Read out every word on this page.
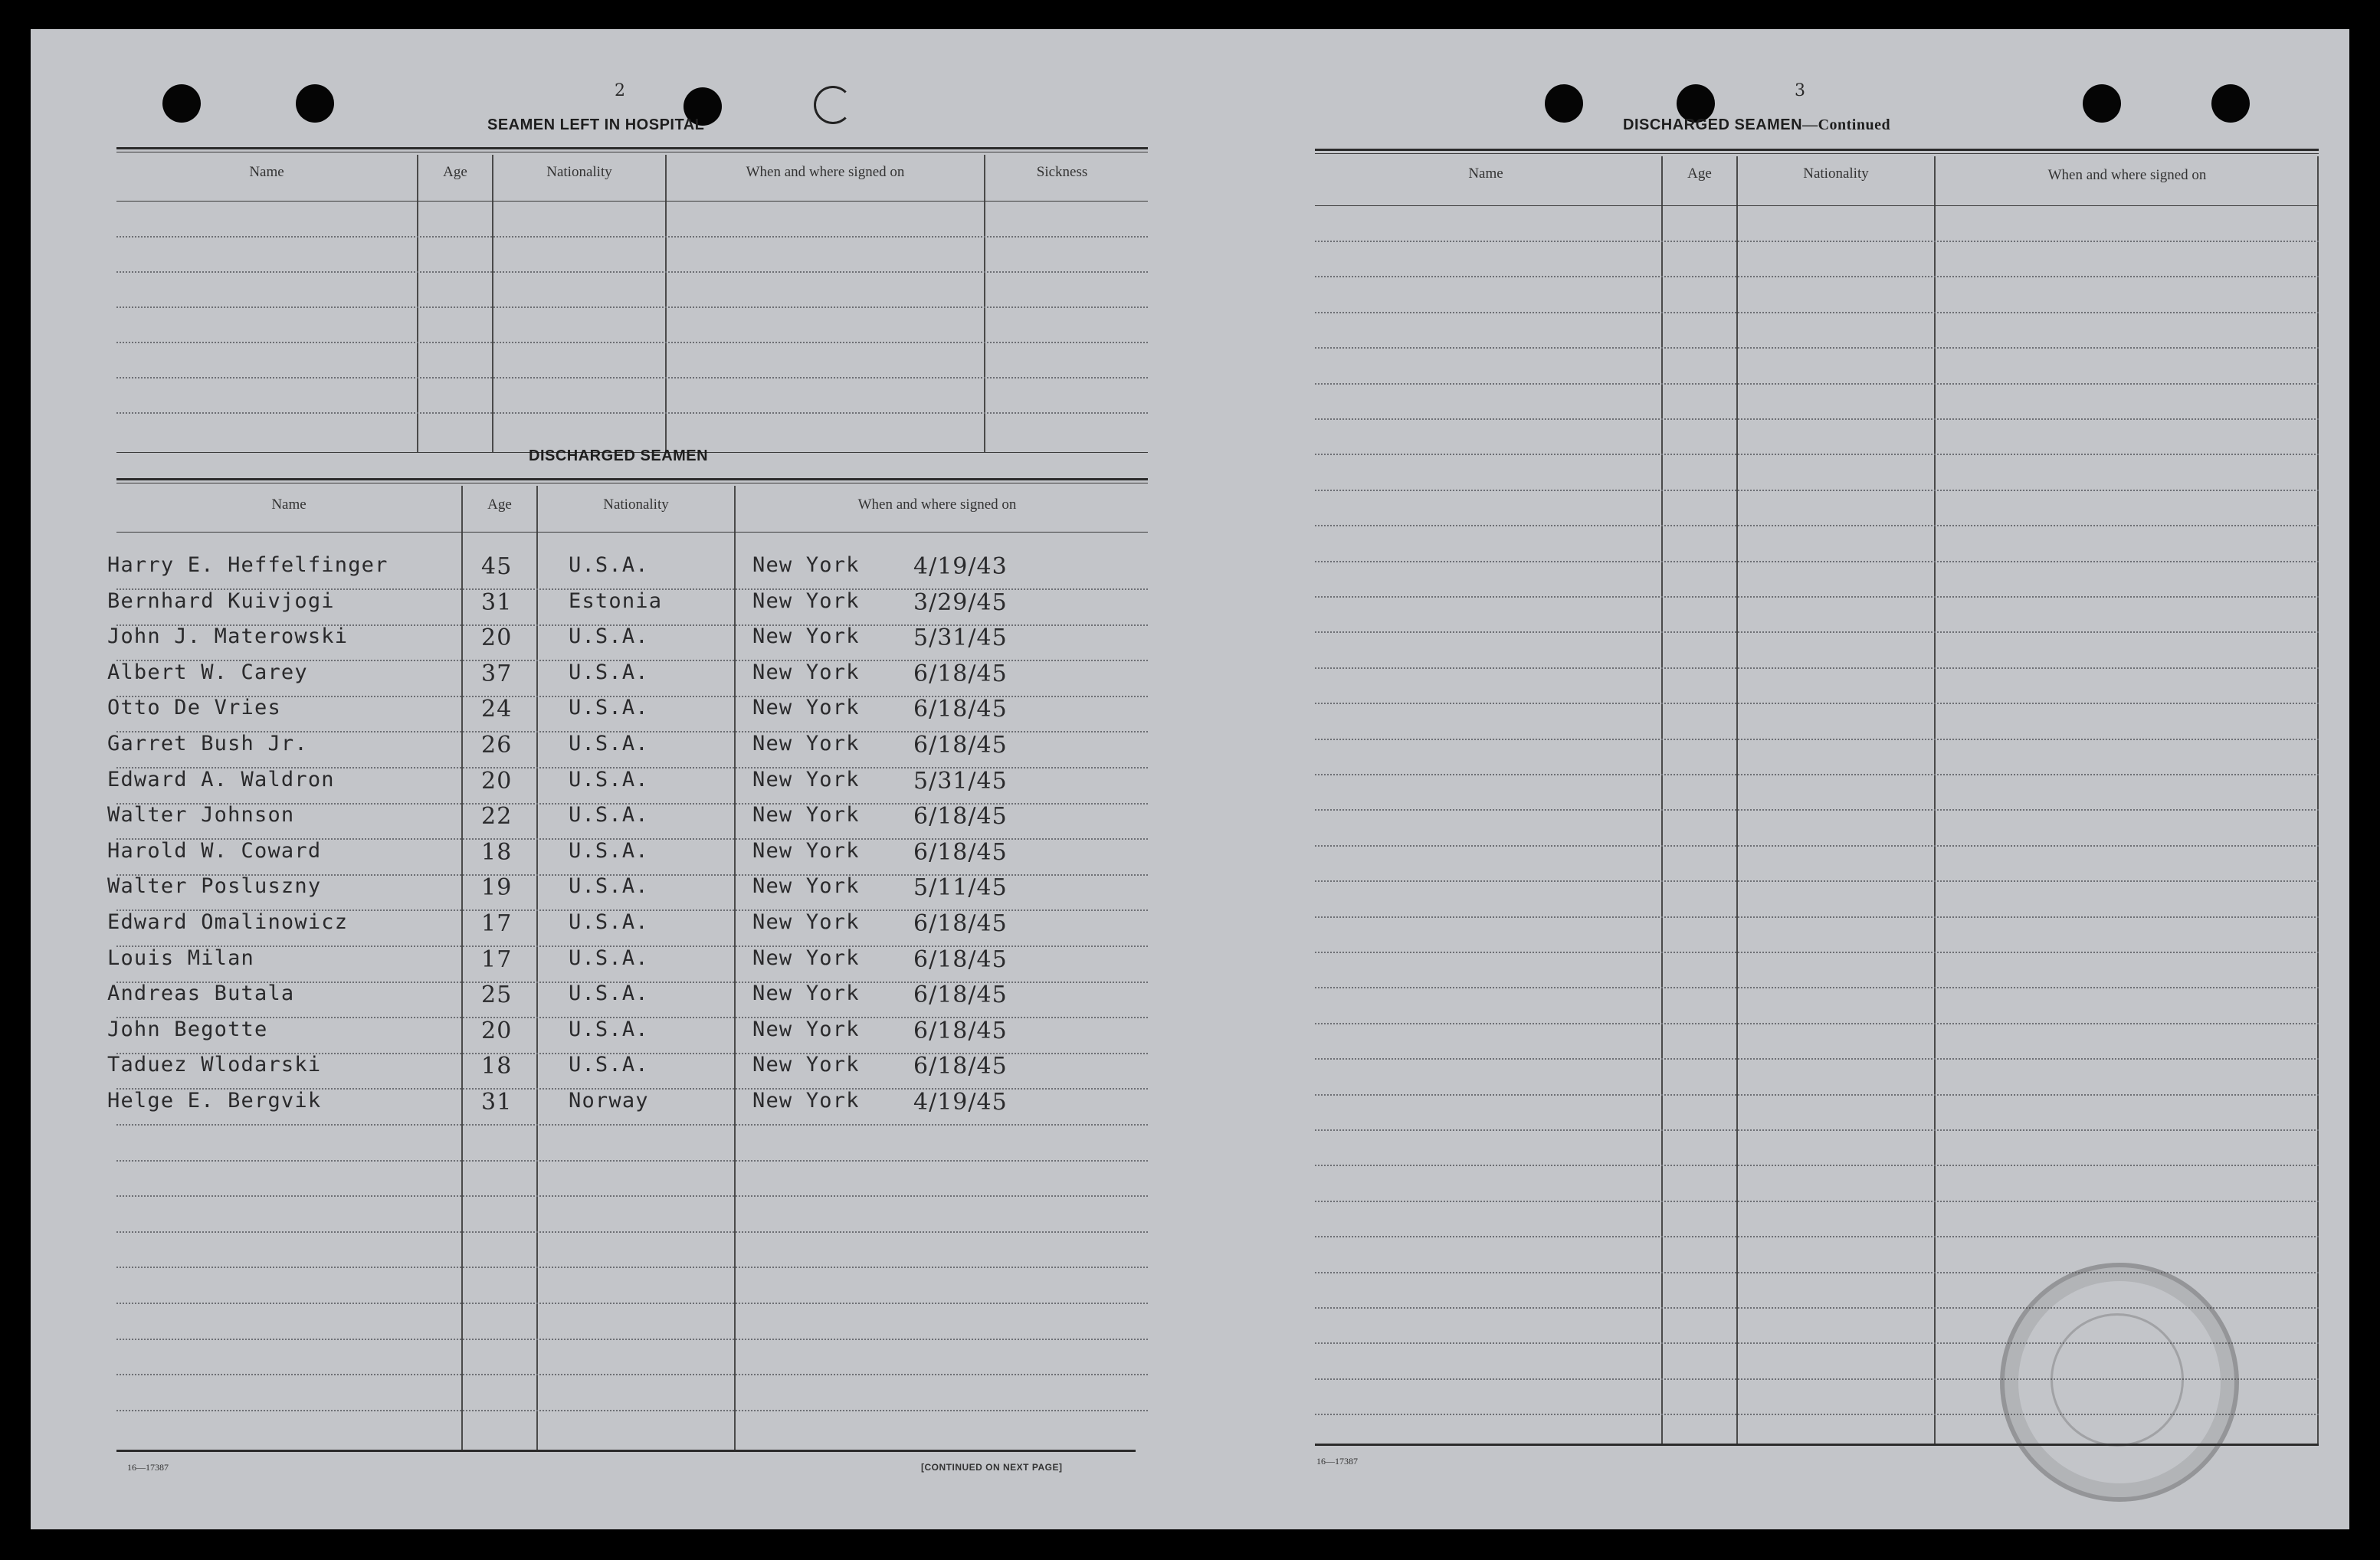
2
SEAMEN LEFT IN HOSPITAL
Name	Age	Nationality	When and where signed on	Sickness
DISCHARGED SEAMEN
Name	Age	Nationality	When and where signed on
Harry E. Heffelfinger	45	U.S.A.	New York 4/19/43
Bernhard Kuivjogi	31	Estonia	New York 3/29/45
John J. Materowski	20	U.S.A.	New York 5/31/45
Albert W. Carey	37	U.S.A.	New York 6/18/45
Otto De Vries	24	U.S.A.	New York 6/18/45
Garret Bush Jr.	26	U.S.A.	New York 6/18/45
Edward A. Waldron	20	U.S.A.	New York 5/31/45
Walter Johnson	22	U.S.A.	New York 6/18/45
Harold W. Coward	18	U.S.A.	New York 6/18/45
Walter Posluszny	19	U.S.A.	New York 5/11/45
Edward Omalinowicz	17	U.S.A.	New York 6/18/45
Louis Milan	17	U.S.A.	New York 6/18/45
Andreas Butala	25	U.S.A.	New York 6/18/45
John Begotte	20	U.S.A.	New York 6/18/45
Taduez Wlodarski	18	U.S.A.	New York 6/18/45
Helge E. Bergvik	31	Norway	New York 4/19/45
16—17387	[CONTINUED ON NEXT PAGE]
3
DISCHARGED SEAMEN—Continued
Name	Age	Nationality	When and where signed on
16—17387
